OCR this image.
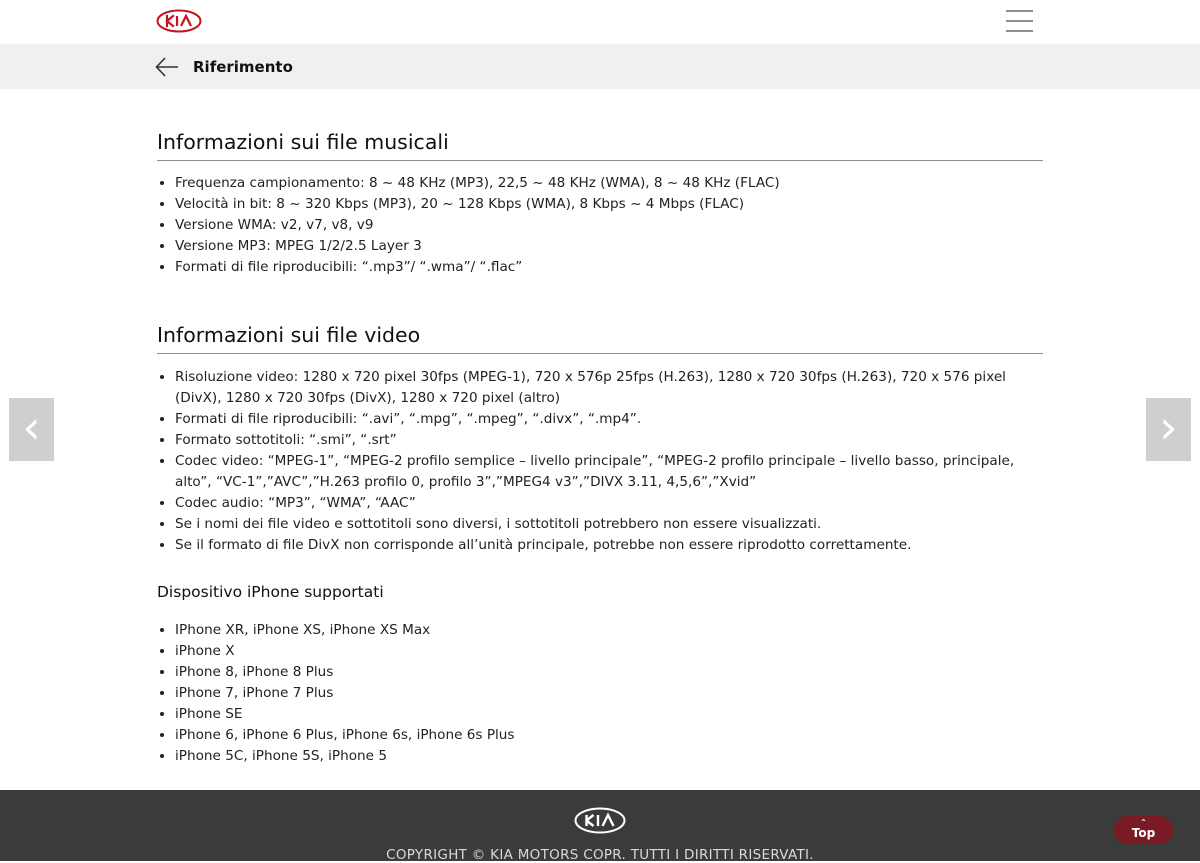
Riferimento
Informazioni sui file musicali
• Frequenza campionamento: 8 ~ 48 KHz (MP3), 22,5 ~ 48 KHz (WMA), 8 ~ 48 KHz (FLAC)
• Velocità in bit: 8 ~ 320 Kbps (MP3), 20 ~ 128 Kbps (WMA), 8 Kbps ~ 4 Mbps (FLAC)
• Versione WMA: v2, v7, v8, v9
• Versione MP3: MPEG 1/2/2.5 Layer 3
• Formati di file riproducibili: “.mp3”/ “.wma”/ “.flac”
Informazioni sui file video
• Risoluzione video: 1280 x 720 pixel 30fps (MPEG-1), 720 x 576p 25fps (H.263), 1280 x 720 30fps (H.263), 720 x 576 pixel (DivX), 1280 x 720 30fps (DivX), 1280 x 720 pixel (altro)
• Formati di file riproducibili: “.avi”, “.mpg”, “.mpeg”, “.divx”, “.mp4”.
• Formato sottotitoli: “.smi”, “.srt”
• Codec video: “MPEG-1”, “MPEG-2 profilo semplice – livello principale”, “MPEG-2 profilo principale – livello basso, principale, alto”, “VC-1”,”AVC”,”H.263 profilo 0, profilo 3”,”MPEG4 v3”,”DIVX 3.11, 4,5,6”,”Xvid”
• Codec audio: “MP3”, “WMA”, “AAC”
• Se i nomi dei file video e sottotitoli sono diversi, i sottotitoli potrebbero non essere visualizzati.
• Se il formato di file DivX non corrisponde all’unità principale, potrebbe non essere riprodotto correttamente.
Dispositivo iPhone supportati
• IPhone XR, iPhone XS, iPhone XS Max
• iPhone X
• iPhone 8, iPhone 8 Plus
• iPhone 7, iPhone 7 Plus
• iPhone SE
• iPhone 6, iPhone 6 Plus, iPhone 6s, iPhone 6s Plus
• iPhone 5C, iPhone 5S, iPhone 5
‹	›
COPYRIGHT © KIA MOTORS COPR. TUTTI I DIRITTI RISERVATI.
⌃
Top
